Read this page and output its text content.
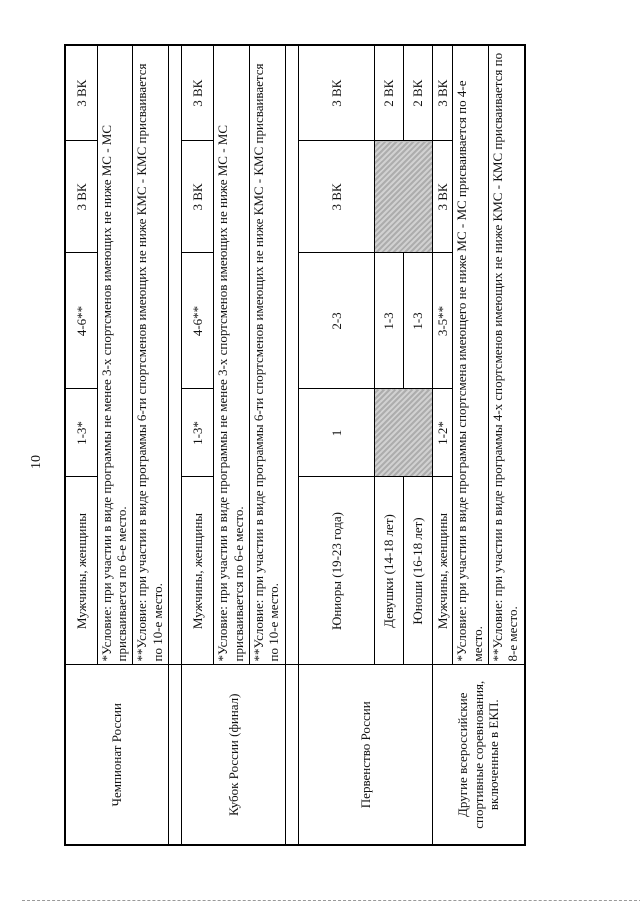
10
Чемпионат России	Мужчины, женщины	1-3*	4-6**	3 ВК	3 ВК
	*Условие: при участии в виде программы не менее 3-х спортсменов имеющих не ниже МС - МС присваивается по 6-е место.				
	**Условие: при участии в виде программы 6-ти спортсменов имеющих не ниже КМС - КМС присваивается по 10-е место.				

Кубок России (финал)	Мужчины, женщины	1-3*	4-6**	3 ВК	3 ВК
	*Условие: при участии в виде программы не менее 3-х спортсменов имеющих не ниже МС - МС присваивается по 6-е место.				
	**Условие: при участии в виде программы 6-ти спортсменов имеющих не ниже КМС - КМС присваивается по 10-е место.				

Первенство России	Юниоры (19-23 года)	1	2-3	3 ВК	3 ВК
	Девушки (14-18 лет)		1-3		2 ВК
	Юноши (16-18 лет)		1-3		2 ВК
Другие всероссийские спортивные соревнования, включенные в ЕКП.	Мужчины, женщины	1-2*	3-5**	3 ВК	3 ВК
	*Условие: при участии в виде программы спортсмена имеющего не ниже МС - МС присваивается по 4-е место.				
	**Условие: при участии в виде программы 4-х спортсменов имеющих не ниже КМС - КМС присваивается по 8-е место.				
